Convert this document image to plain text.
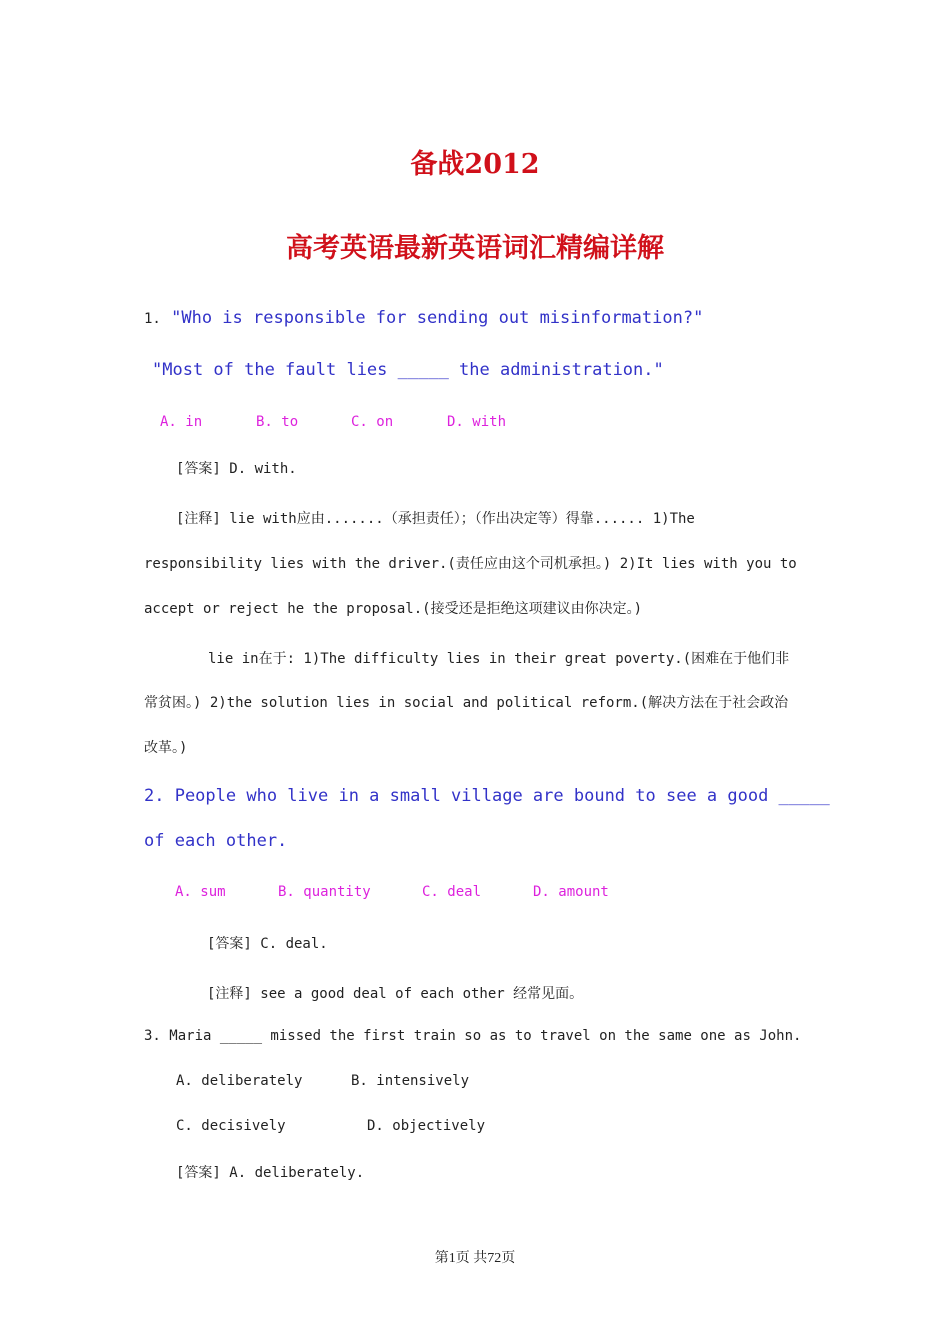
备战2012
高考英语最新英语词汇精编详解
1. "Who is responsible for sending out misinformation?"
"Most of the fault lies _____ the administration."
A. in	B. to	C. on	D. with
[答案] D. with.
[注释] lie with应由.......（承担责任）；（作出决定等）得靠...... 1)The
responsibility lies with the driver.(责任应由这个司机承担。) 2)It lies with you to
accept or reject he the proposal.(接受还是拒绝这项建议由你决定。)
lie in在于: 1)The difficulty lies in their great poverty.(困难在于他们非
常贫困。) 2)the solution lies in social and political reform.(解决方法在于社会政治
改革。)
2. People who live in a small village are bound to see a good _____
of each other.
A. sum	B. quantity	C. deal	D. amount
[答案] C. deal.
[注释] see a good deal of each other 经常见面。
3. Maria _____ missed the first train so as to travel on the same one as John.
A. deliberately	B. intensively
C. decisively	D. objectively
[答案] A. deliberately.
第1页 共72页
